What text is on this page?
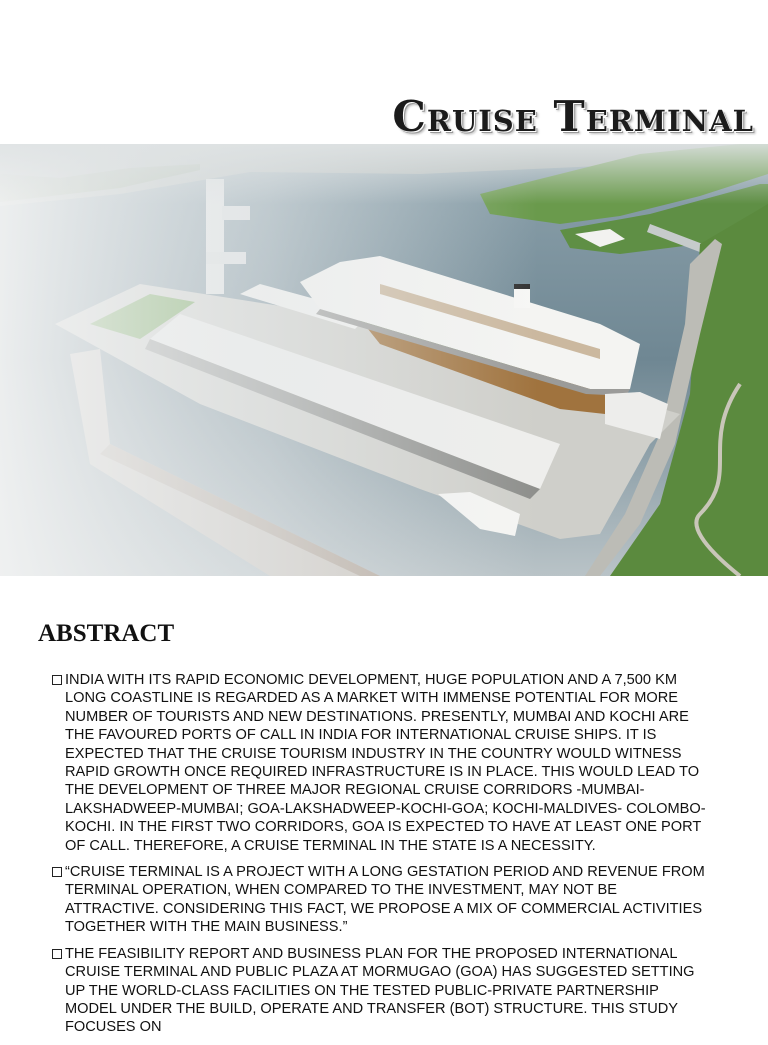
Cruise Terminal
ABSTRACT
INDIA WITH ITS RAPID ECONOMIC DEVELOPMENT, HUGE POPULATION AND A 7,500 KM LONG COASTLINE IS REGARDED AS A MARKET WITH IMMENSE POTENTIAL FOR MORE NUMBER OF TOURISTS AND NEW DESTINATIONS. PRESENTLY, MUMBAI AND KOCHI ARE THE FAVOURED PORTS OF CALL IN INDIA FOR INTERNATIONAL CRUISE SHIPS. IT IS EXPECTED THAT THE CRUISE TOURISM INDUSTRY IN THE COUNTRY WOULD WITNESS RAPID GROWTH ONCE REQUIRED INFRASTRUCTURE IS IN PLACE. THIS WOULD LEAD TO THE DEVELOPMENT OF THREE MAJOR REGIONAL CRUISE CORRIDORS -MUMBAI-LAKSHADWEEP-MUMBAI; GOA-LAKSHADWEEP-KOCHI-GOA; KOCHI-MALDIVES- COLOMBO-KOCHI. IN THE FIRST TWO CORRIDORS, GOA IS EXPECTED TO HAVE AT LEAST ONE PORT OF CALL. THEREFORE, A CRUISE TERMINAL IN THE STATE IS A NECESSITY.
“CRUISE TERMINAL IS A PROJECT WITH A LONG GESTATION PERIOD AND REVENUE FROM TERMINAL OPERATION, WHEN COMPARED TO THE INVESTMENT, MAY NOT BE ATTRACTIVE. CONSIDERING THIS FACT, WE PROPOSE A MIX OF COMMERCIAL ACTIVITIES TOGETHER WITH THE MAIN BUSINESS.”
THE FEASIBILITY REPORT AND BUSINESS PLAN FOR THE PROPOSED INTERNATIONAL CRUISE TERMINAL AND PUBLIC PLAZA AT MORMUGAO (GOA) HAS SUGGESTED SETTING UP THE WORLD-CLASS FACILITIES ON THE TESTED PUBLIC-PRIVATE PARTNERSHIP MODEL UNDER THE BUILD, OPERATE AND TRANSFER (BOT) STRUCTURE. THIS STUDY FOCUSES ON
